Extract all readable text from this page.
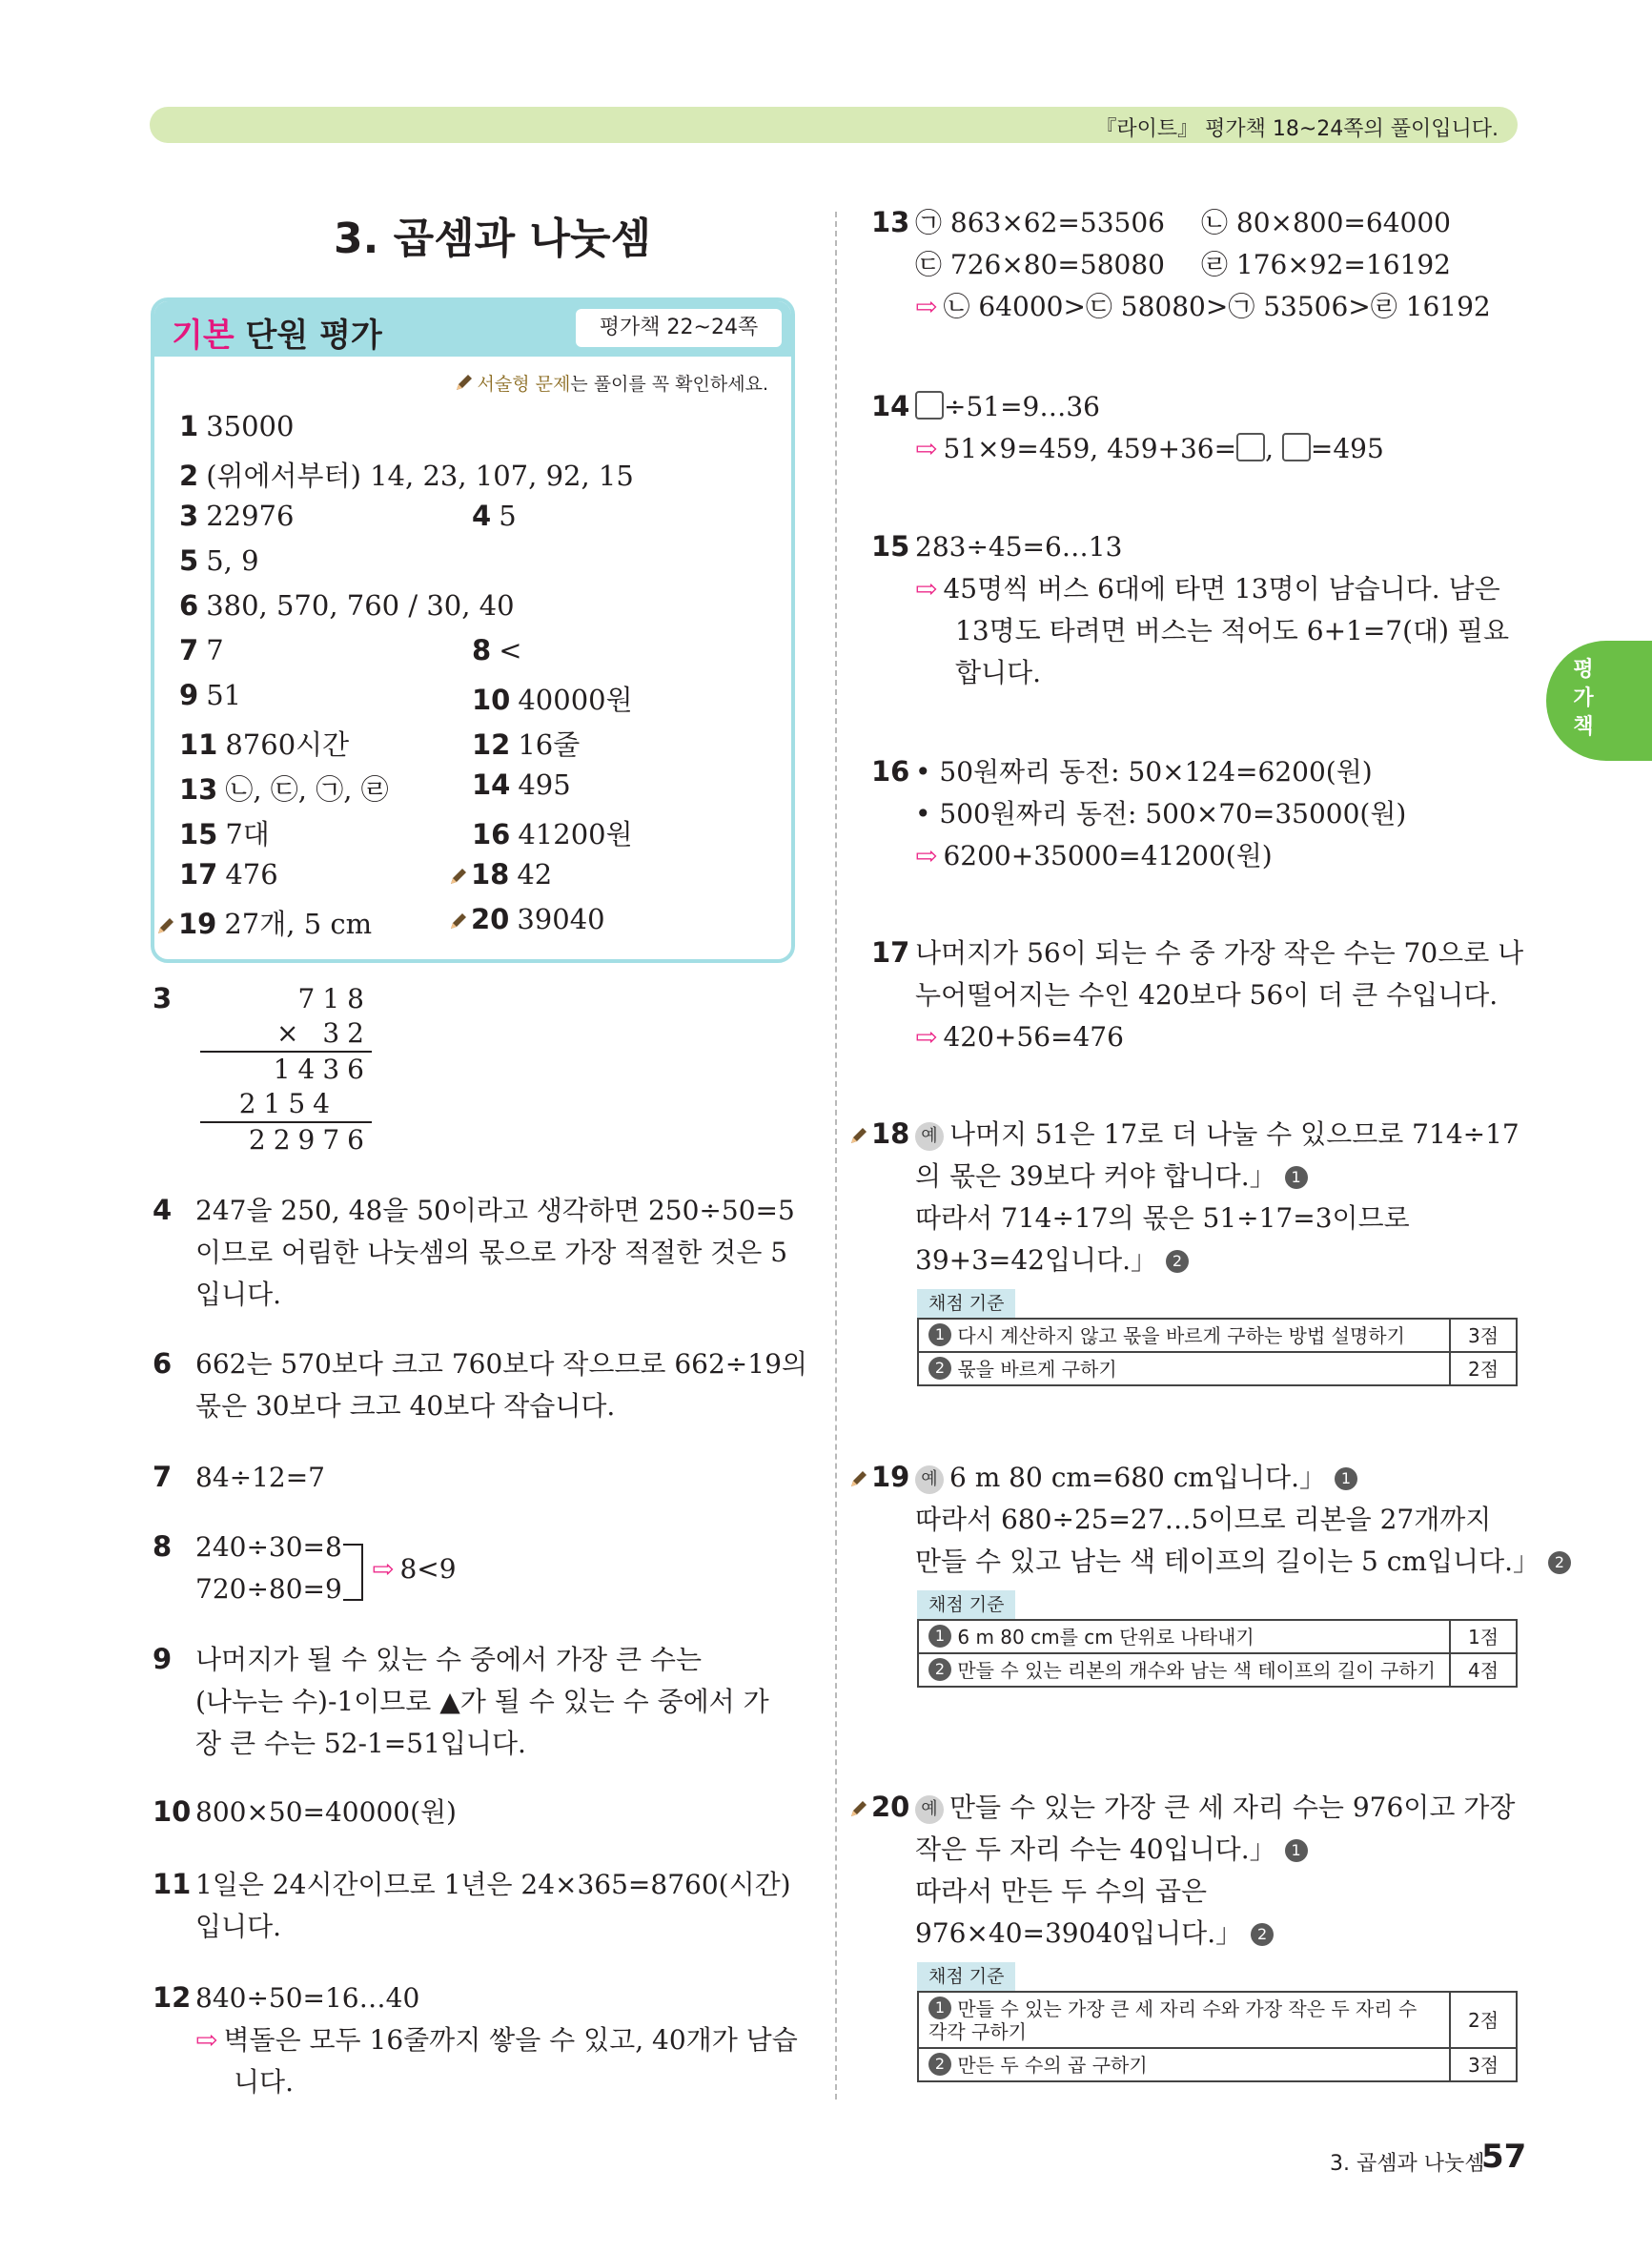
『라이트』 평가책 18~24쪽의 풀이입니다.
3. 곱셈과 나눗셈
기본 단원 평가	평가책 22~24쪽
서술형 문제는 풀이를 꼭 확인하세요.
1 35000
2 (위에서부터) 14, 23, 107, 92, 15
3 22976	4 5
5 5, 9
6 380, 570, 760 / 30, 40
7 7	8 <
9 51	10 40000원
11 8760시간	12 16줄
13 ㉡, ㉢, ㉠, ㉣	14 495
15 7대	16 41200원
17 476	18 42
19 27개, 5 cm	20 39040
3	718
× 32
1436
2154
22976
4 247을 250, 48을 50이라고 생각하면 250÷50=5
이므로 어림한 나눗셈의 몫으로 가장 적절한 것은 5
입니다.
6 662는 570보다 크고 760보다 작으므로 662÷19의
몫은 30보다 크고 40보다 작습니다.
7 84÷12=7
8 240÷30=8
720÷80=9
⇨ 8<9
9 나머지가 될 수 있는 수 중에서 가장 큰 수는
(나누는 수)-1이므로 ▲가 될 수 있는 수 중에서 가
장 큰 수는 52-1=51입니다.
10 800×50=40000(원)
11 1일은 24시간이므로 1년은 24×365=8760(시간)
입니다.
12 840÷50=16…40
⇨ 벽돌은 모두 16줄까지 쌓을 수 있고, 40개가 남습
니다.
13 ㉠ 863×62=53506 ㉡ 80×800=64000
㉢ 726×80=58080 ㉣ 176×92=16192
⇨ ㉡ 64000>㉢ 58080>㉠ 53506>㉣ 16192
14	÷51=9…36
⇨ 51×9=459, 459+36= , =495
15 283÷45=6…13
⇨ 45명씩 버스 6대에 타면 13명이 남습니다. 남은
13명도 타려면 버스는 적어도 6+1=7(대) 필요
합니다.
16 • 50원짜리 동전: 50×124=6200(원)
• 500원짜리 동전: 500×70=35000(원)
⇨ 6200+35000=41200(원)
17 나머지가 56이 되는 수 중 가장 작은 수는 70으로 나
누어떨어지는 수인 420보다 56이 더 큰 수입니다.
⇨ 420+56=476
18 예 나머지 51은 17로 더 나눌 수 있으므로 714÷17
의 몫은 39보다 커야 합니다.」 1
따라서 714÷17의 몫은 51÷17=3이므로
39+3=42입니다.」 2
채점 기준
1 다시 계산하지 않고 몫을 바르게 구하는 방법 설명하기	3점
2 몫을 바르게 구하기	2점
19 예 6 m 80 cm=680 cm입니다.」 1
따라서 680÷25=27…5이므로 리본을 27개까지
만들 수 있고 남는 색 테이프의 길이는 5 cm입니다.」 2
채점 기준
1 6 m 80 cm를 cm 단위로 나타내기	1점
2 만들 수 있는 리본의 개수와 남는 색 테이프의 길이 구하기	4점
20 예 만들 수 있는 가장 큰 세 자리 수는 976이고 가장
작은 두 자리 수는 40입니다.」 1
따라서 만든 두 수의 곱은
976×40=39040입니다.」 2
채점 기준
1 만들 수 있는 가장 큰 세 자리 수와 가장 작은 두 자리 수 각각 구하기	2점
2 만든 두 수의 곱 구하기	3점
평가책
3. 곱셈과 나눗셈
57
